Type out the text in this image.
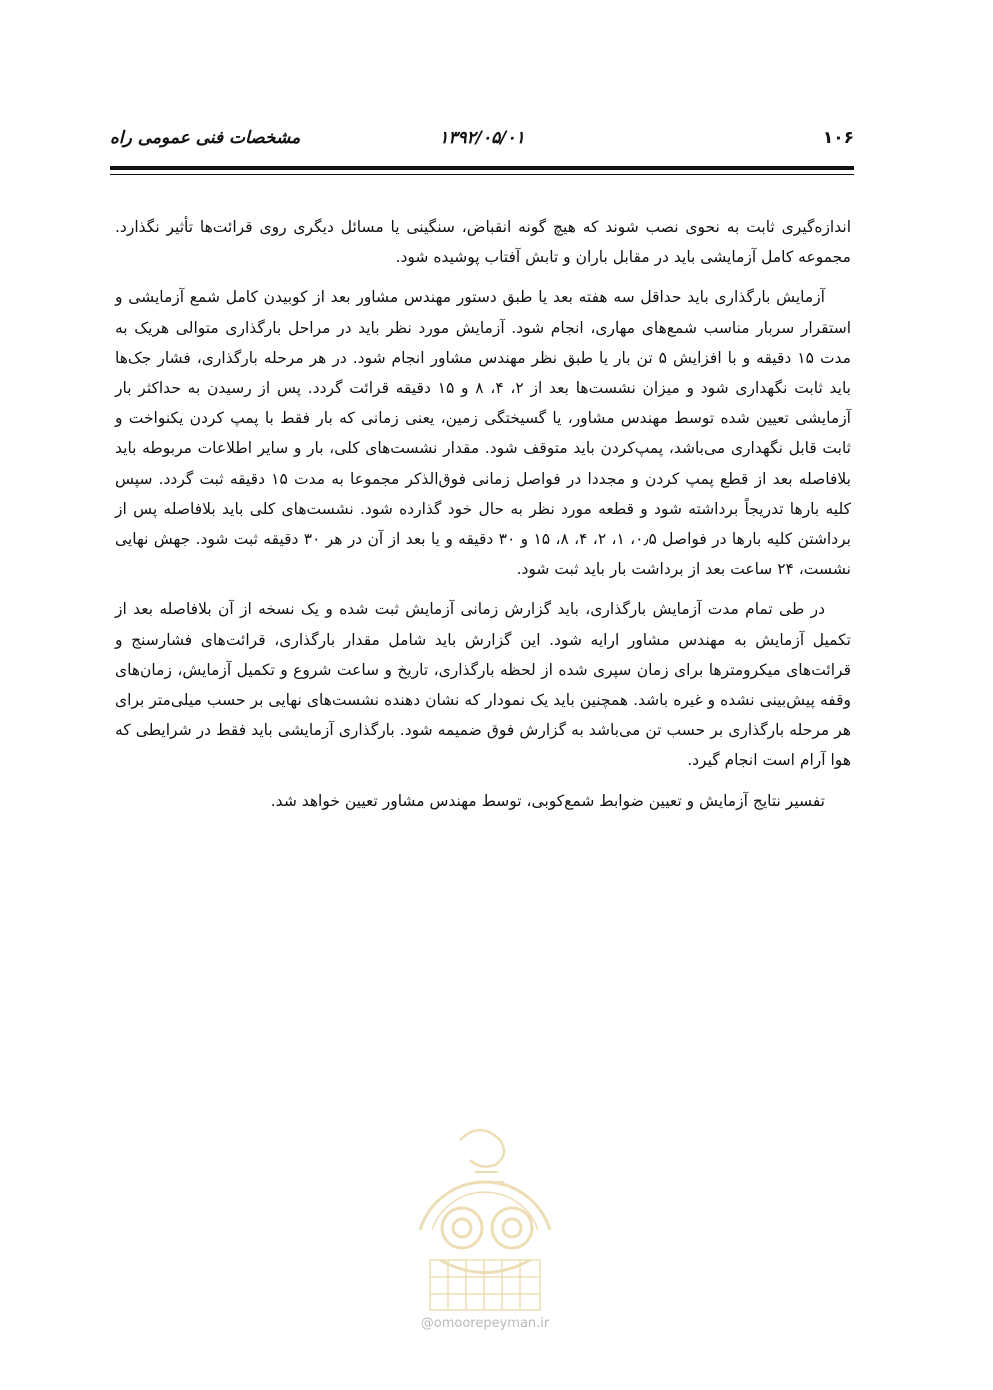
۱۰۶
۱۳۹۲/۰۵/۰۱
مشخصات فنی عمومی راه

اندازه‌گیری ثابت به نحوی نصب شوند که هیچ گونه انقباض، سنگینی یا مسائل دیگری روی قرائت‌ها تأثیر نگذارد. مجموعه کامل آزمایشی باید در مقابل باران و تابش آفتاب پوشیده شود.

آزمایش بارگذاری باید حداقل سه هفته بعد یا طبق دستور مهندس مشاور بعد از کوبیدن کامل شمع آزمایشی و استقرار سربار مناسب شمع‌های مهاری، انجام شود. آزمایش مورد نظر باید در مراحل بارگذاری متوالی هریک به مدت ۱۵ دقیقه و با افزایش ۵ تن بار یا طبق نظر مهندس مشاور انجام شود. در هر مرحله بارگذاری، فشار جک‌ها باید ثابت نگهداری شود و میزان نشست‌ها بعد از ۲، ۴، ۸ و ۱۵ دقیقه قرائت گردد. پس از رسیدن به حداکثر بار آزمایشی تعیین شده توسط مهندس مشاور، یا گسیختگی زمین، یعنی زمانی که بار فقط با پمپ کردن یکنواخت و ثابت قابل نگهداری می‌باشد، پمپ‌کردن باید متوقف شود. مقدار نشست‌های کلی، بار و سایر اطلاعات مربوطه باید بلافاصله بعد از قطع پمپ کردن و مجددا در فواصل زمانی فوق‌الذکر مجموعا به مدت ۱۵ دقیقه ثبت گردد. سپس کلیه بارها تدریجاً برداشته شود و قطعه مورد نظر به حال خود گذارده شود. نشست‌های کلی باید بلافاصله پس از برداشتن کلیه بارها در فواصل ۰٫۵، ۱، ۲، ۴، ۸، ۱۵ و ۳۰ دقیقه و یا بعد از آن در هر ۳۰ دقیقه ثبت شود. جهش نهایی نشست، ۲۴ ساعت بعد از برداشت بار باید ثبت شود.

در طی تمام مدت آزمایش بارگذاری، باید گزارش زمانی آزمایش ثبت شده و یک نسخه از آن بلافاصله بعد از تکمیل آزمایش به مهندس مشاور ارایه شود. این گزارش باید شامل مقدار بارگذاری، قرائت‌های فشارسنج و قرائت‌های میکرومترها برای زمان سپری شده از لحظه بارگذاری، تاریخ و ساعت شروع و تکمیل آزمایش، زمان‌های وقفه پیش‌بینی نشده و غیره باشد. همچنین باید یک نمودار که نشان دهنده نشست‌های نهایی بر حسب میلی‌متر برای هر مرحله بارگذاری بر حسب تن می‌باشد به گزارش فوق ضمیمه شود. بارگذاری آزمایشی باید فقط در شرایطی که هوا آرام است انجام گیرد.

تفسیر نتایج آزمایش و تعیین ضوابط شمع‌کوبی، توسط مهندس مشاور تعیین خواهد شد.

@omoorepeyman.ir
